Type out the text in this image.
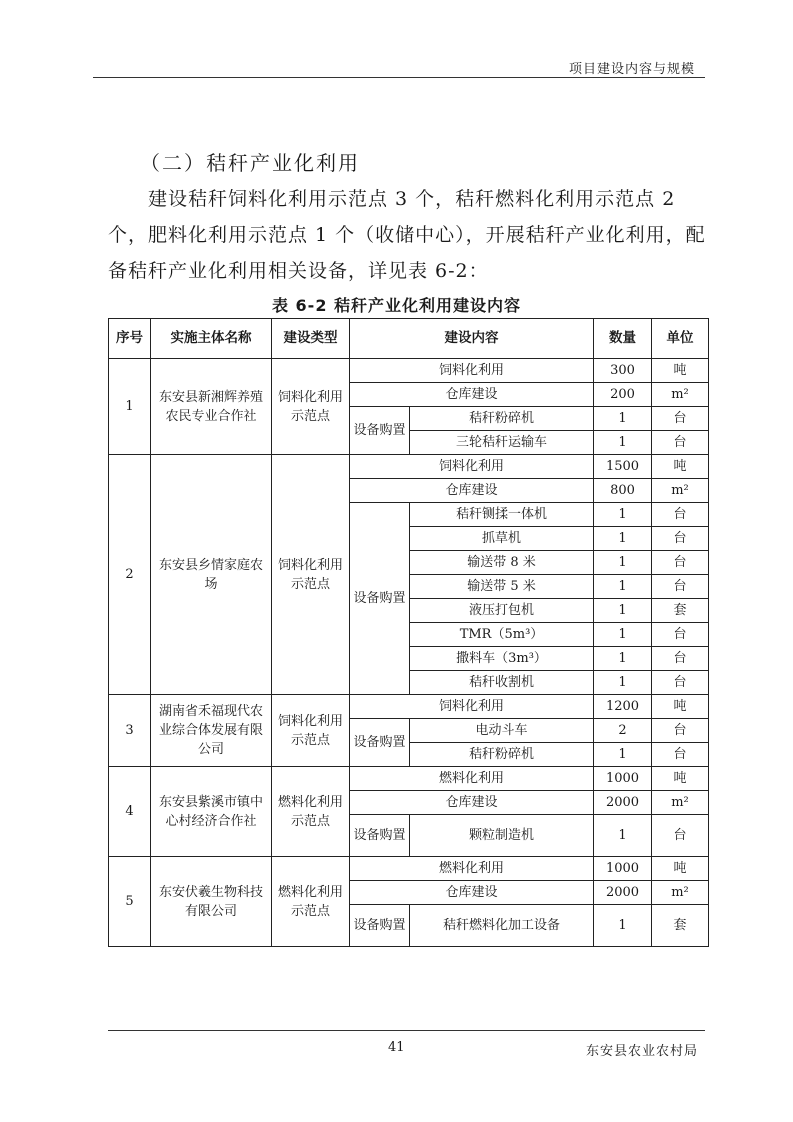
项目建设内容与规模
（二）秸秆产业化利用

建设秸秆饲料化利用示范点 3 个，秸秆燃料化利用示范点 2 个，肥料化利用示范点 1 个（收储中心），开展秸秆产业化利用，配备秸秆产业化利用相关设备，详见表 6-2：

表 6-2 秸秆产业化利用建设内容
序号	实施主体名称	建设类型	建设内容		数量	单位
1	东安县新湘辉养殖农民专业合作社	饲料化利用示范点	饲料化利用		300	吨
			仓库建设		200	m²
			设备购置	秸秆粉碎机	1	台
				三轮秸秆运输车	1	台
2	东安县乡情家庭农场	饲料化利用示范点	饲料化利用		1500	吨
			仓库建设		800	m²
			设备购置	秸秆铡揉一体机	1	台
				抓草机	1	台
				输送带 8 米	1	台
				输送带 5 米	1	台
				液压打包机	1	套
				TMR（5m³）	1	台
				撒料车（3m³）	1	台
				秸秆收割机	1	台
3	湖南省禾福现代农业综合体发展有限公司	饲料化利用示范点	饲料化利用		1200	吨
			设备购置	电动斗车	2	台
				秸秆粉碎机	1	台
4	东安县紫溪市镇中心村经济合作社	燃料化利用示范点	燃料化利用		1000	吨
			仓库建设		2000	m²
			设备购置	颗粒制造机	1	台
5	东安伏羲生物科技有限公司	燃料化利用示范点	燃料化利用		1000	吨
			仓库建设		2000	m²
			设备购置	秸秆燃料化加工设备	1	套
41	东安县农业农村局
